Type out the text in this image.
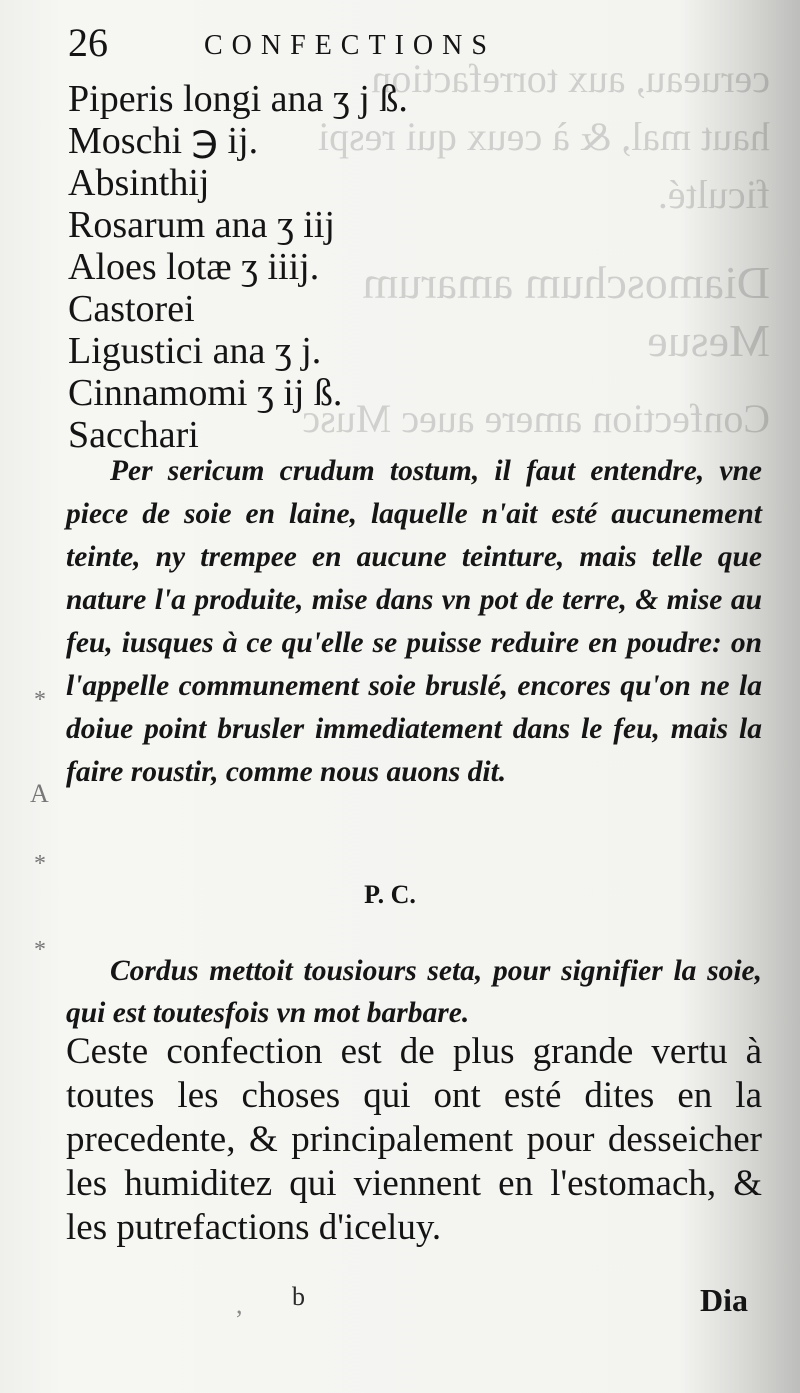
cerueau, aux torrefaction
haut mal, & à ceux qui respi
ficulté.
Diamoschum amarum
Mesue
Confection amere auec Musc
26	CONFECTIONS
Piperis longi ana ʒ j ß.
Moschi ℈ ij.
Absinthij
Rosarum ana ʒ iij
Aloes lotæ ʒ iiij.
Castorei
Ligustici ana ʒ j.
Cinnamomi ʒ ij ß.
Sacchari

Per sericum crudum tostum, il faut entendre, vne piece de soie en laine, laquelle n'ait esté aucunement teinte, ny trempee en aucune teinture, mais telle que nature l'a produite, mise dans vn pot de terre, & mise au feu, iusques à ce qu'elle se puisse reduire en poudre: on l'appelle communement soie bruslé, encores qu'on ne la doiue point brusler immediatement dans le feu, mais la faire roustir, comme nous auons dit.

*
A
*
*
P. C.

Cordus mettoit tousiours seta, pour signifier la soie, qui est toutesfois vn mot barbare.

Ceste confection est de plus grande vertu à toutes les choses qui ont esté dites en la precedente, & principalement pour desseicher les humiditez qui viennent en l'estomach, & les putrefactions d'iceluy.

b
,	Dia
